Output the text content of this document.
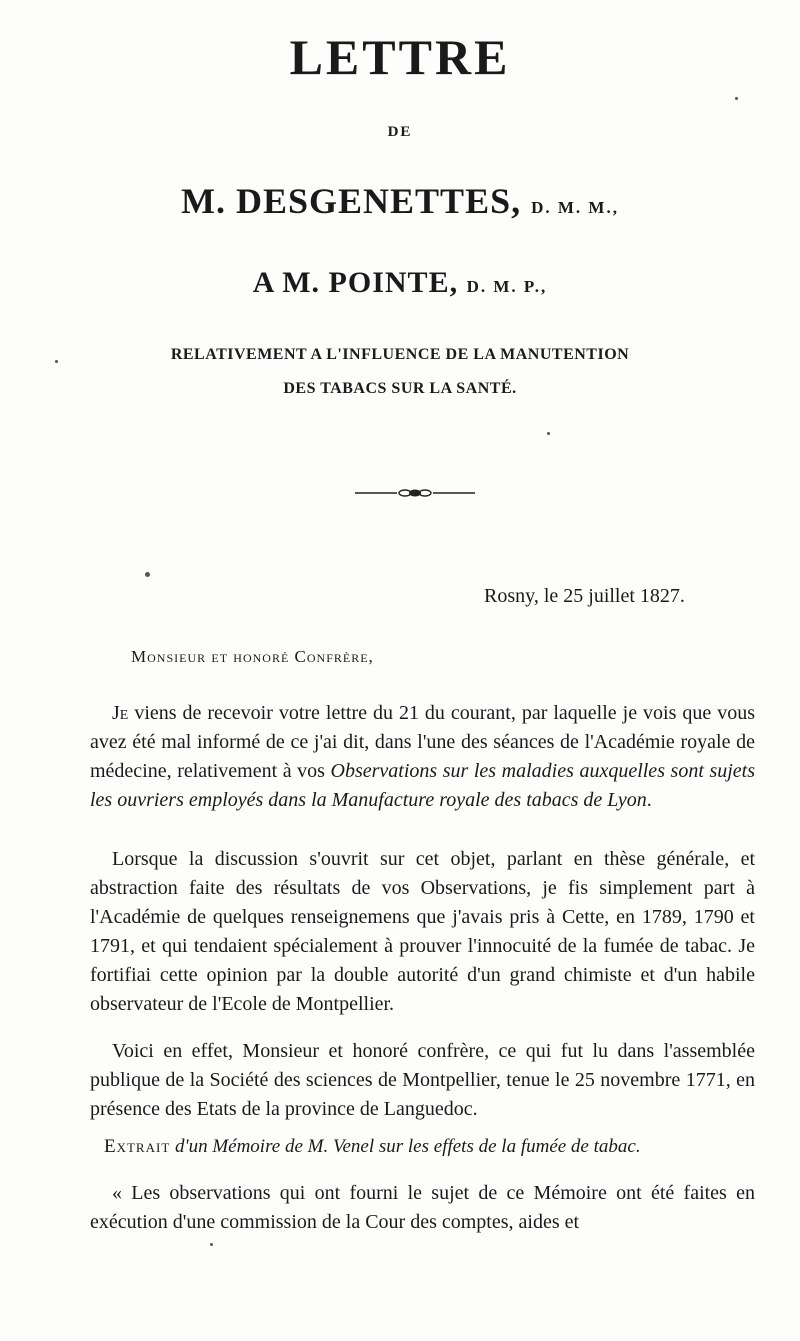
LETTRE
DE
M. DESGENETTES, D. M. M.,
A M. POINTE, D. M. P.,
RELATIVEMENT A L'INFLUENCE DE LA MANUTENTION
DES TABACS SUR LA SANTÉ.
Rosny, le 25 juillet 1827.
Monsieur et honoré Confrère,

Je viens de recevoir votre lettre du 21 du courant, par laquelle je vois que vous avez été mal informé de ce j'ai dit, dans l'une des séances de l'Académie royale de médecine, relativement à vos Observations sur les maladies auxquelles sont sujets les ouvriers employés dans la Manufacture royale des tabacs de Lyon.

Lorsque la discussion s'ouvrit sur cet objet, parlant en thèse générale, et abstraction faite des résultats de vos Observations, je fis simplement part à l'Académie de quelques renseignemens que j'avais pris à Cette, en 1789, 1790 et 1791, et qui tendaient spécialement à prouver l'innocuité de la fumée de tabac. Je fortifiai cette opinion par la double autorité d'un grand chimiste et d'un habile observateur de l'Ecole de Montpellier.

Voici en effet, Monsieur et honoré confrère, ce qui fut lu dans l'assemblée publique de la Société des sciences de Montpellier, tenue le 25 novembre 1771, en présence des Etats de la province de Languedoc.

Extrait d'un Mémoire de M. Venel sur les effets de la fumée de tabac.

« Les observations qui ont fourni le sujet de ce Mémoire ont été faites en exécution d'une commission de la Cour des comptes, aides et
